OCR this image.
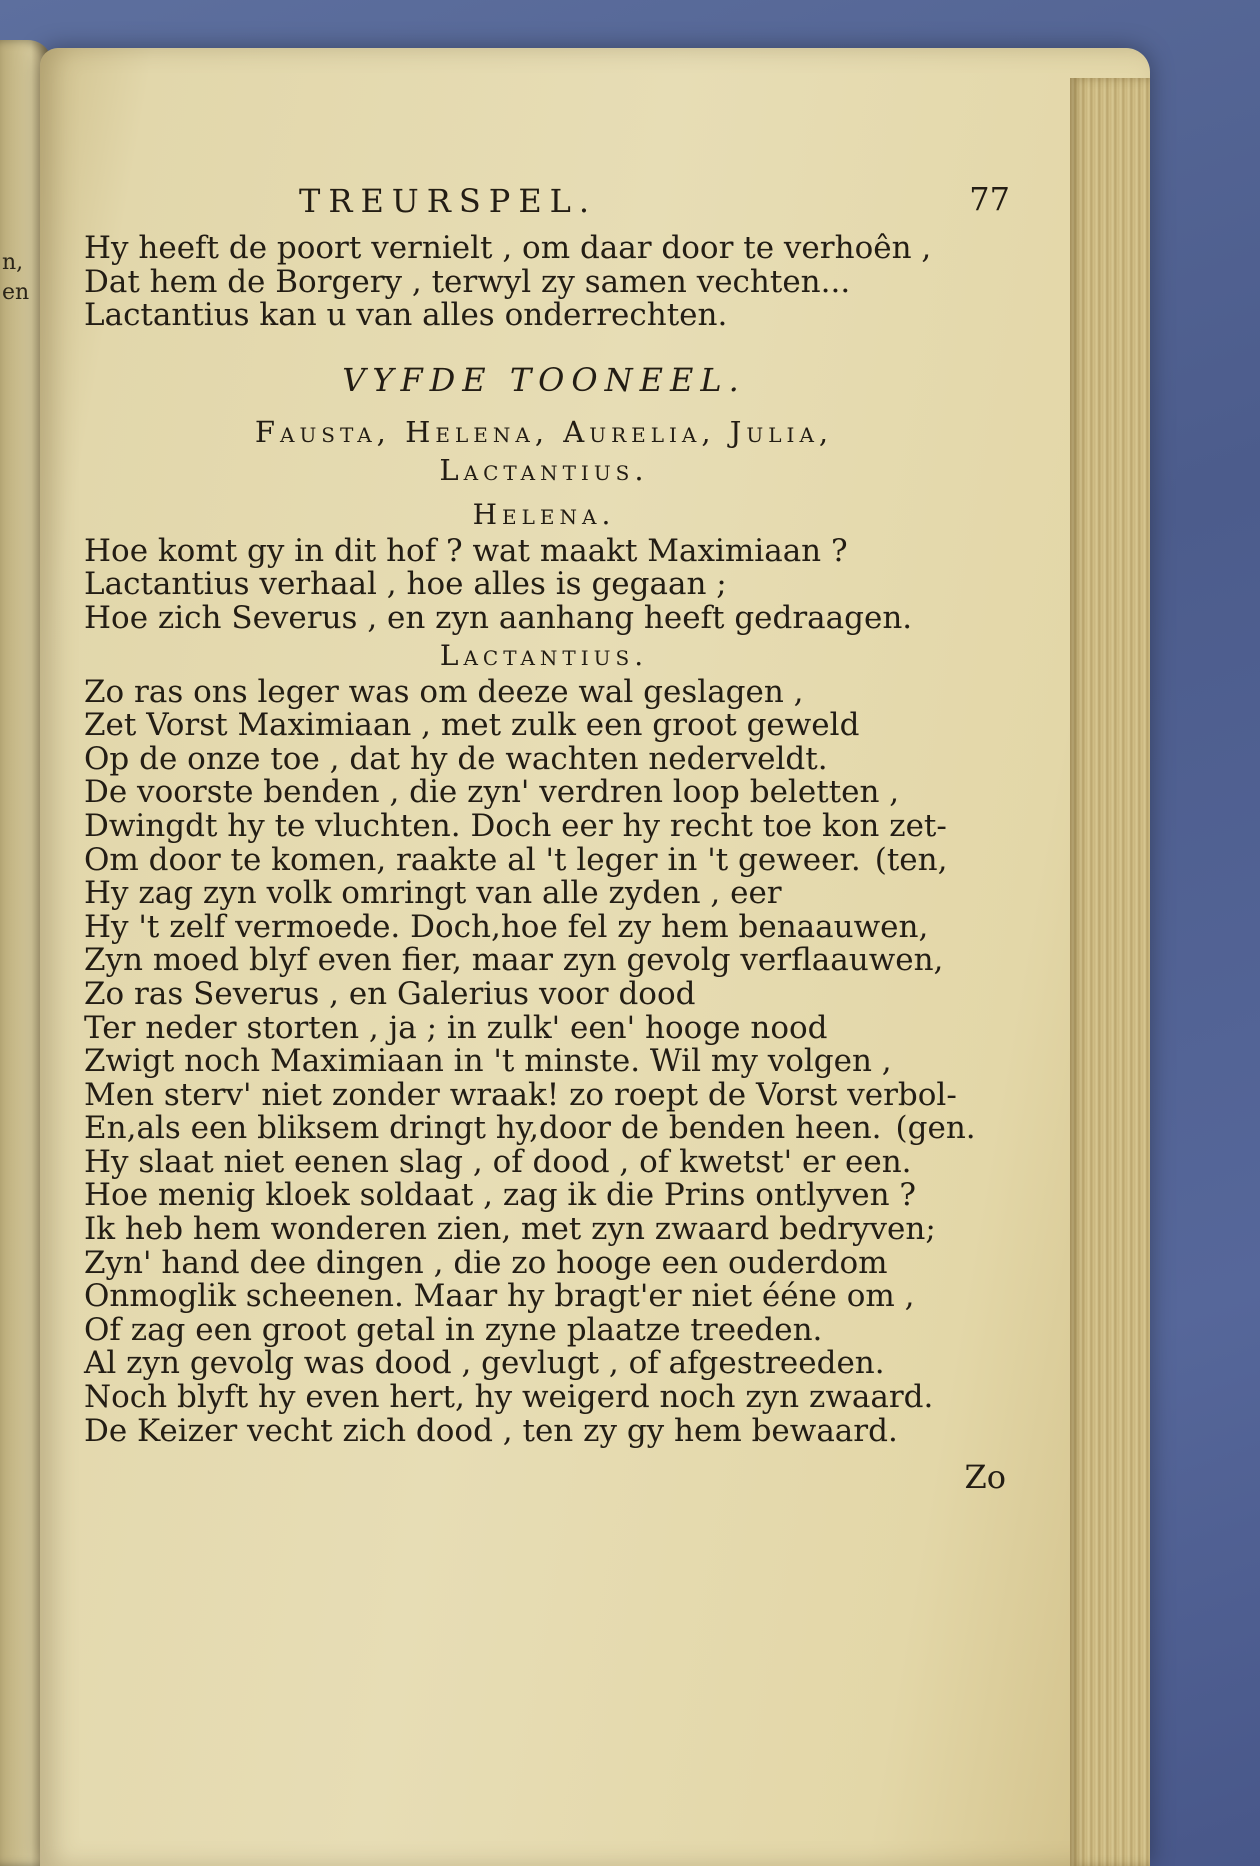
n,
en
TREURSPEL.	77
Hy heeft de poort vernielt , om daar door te verhoên ,
Dat hem de Borgery , terwyl zy samen vechten...
Lactantius kan u van alles onderrechten.
VYFDE TOONEEL.
Fausta, Helena, Aurelia, Julia,
Lactantius.
Helena.
Hoe komt gy in dit hof ? wat maakt Maximiaan ?
Lactantius verhaal , hoe alles is gegaan ;
Hoe zich Severus , en zyn aanhang heeft gedraagen.
Lactantius.
Zo ras ons leger was om deeze wal geslagen ,
Zet Vorst Maximiaan , met zulk een groot geweld
Op de onze toe , dat hy de wachten nederveldt.
De voorste benden , die zyn' verdren loop beletten ,
Dwingdt hy te vluchten. Doch eer hy recht toe kon zet-
Om door te komen, raakte al 't leger in 't geweer. (ten,
Hy zag zyn volk omringt van alle zyden , eer
Hy 't zelf vermoede. Doch,hoe fel zy hem benaauwen,
Zyn moed blyf even fier, maar zyn gevolg verflaauwen,
Zo ras Severus , en Galerius voor dood
Ter neder storten , ja ; in zulk' een' hooge nood
Zwigt noch Maximiaan in 't minste. Wil my volgen ,
Men sterv' niet zonder wraak! zo roept de Vorst verbol-
En,als een bliksem dringt hy,door de benden heen. (gen.
Hy slaat niet eenen slag , of dood , of kwetst' er een.
Hoe menig kloek soldaat , zag ik die Prins ontlyven ?
Ik heb hem wonderen zien, met zyn zwaard bedryven;
Zyn' hand dee dingen , die zo hooge een ouderdom
Onmoglik scheenen. Maar hy bragt'er niet ééne om ,
Of zag een groot getal in zyne plaatze treeden.
Al zyn gevolg was dood , gevlugt , of afgestreeden.
Noch blyft hy even hert, hy weigerd noch zyn zwaard.
De Keizer vecht zich dood , ten zy gy hem bewaard.
Zo
